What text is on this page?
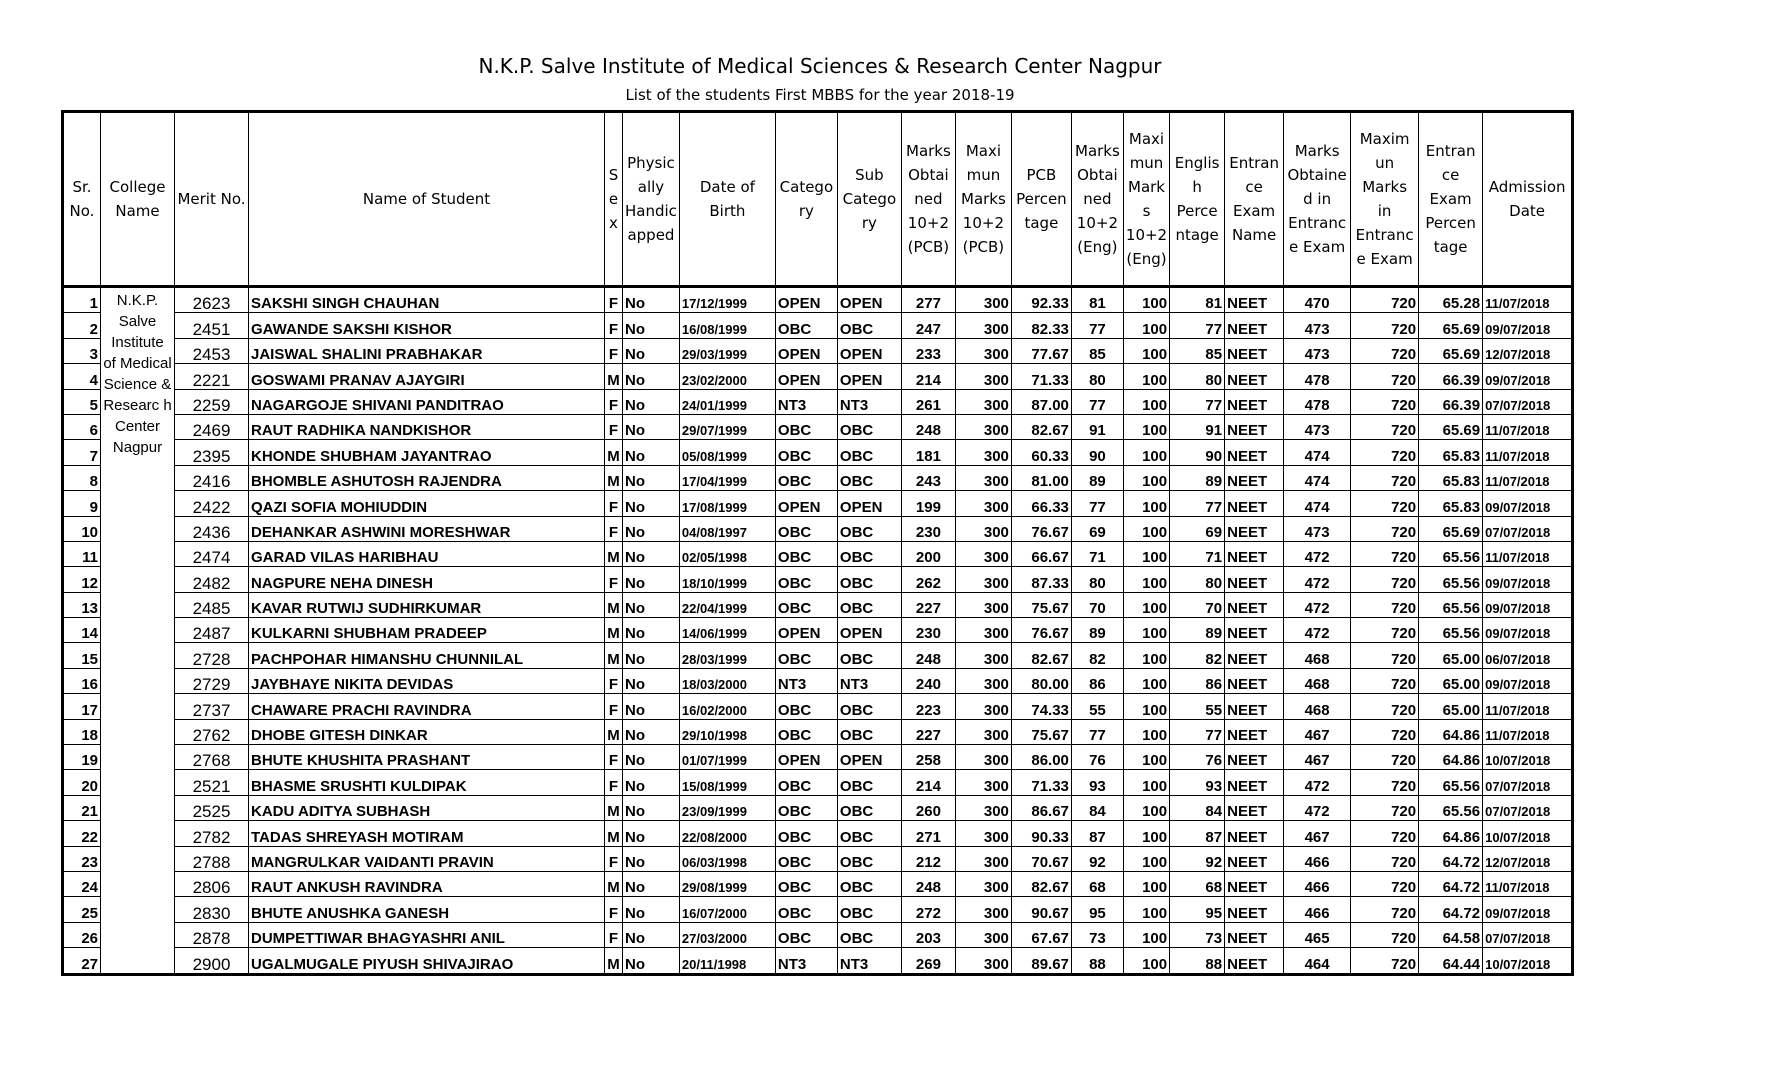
N.K.P. Salve Institute of Medical Sciences & Research Center Nagpur
List of the students First MBBS for the year 2018-19
Sr. No.	College Name	Merit No.	Name of Student	S e x	Physic ally Handic apped	Date of Birth	Catego ry	Sub Catego ry	Marks Obtai ned 10+2 (PCB)	Maxi mun Marks 10+2 (PCB)	PCB Percen tage	Marks Obtai ned 10+2 (Eng)	Maxi mun Mark s 10+2 (Eng)	Englis h Perce ntage	Entran ce Exam Name	Marks Obtaine d in Entranc e Exam	Maxim un Marks in Entranc e Exam	Entran ce Exam Percen tage	Admission Date
1	N.K.P. Salve Institute of Medical Science & Researc h Center Nagpur	2623	SAKSHI SINGH CHAUHAN	F	No	17/12/1999	OPEN	OPEN	277	300	92.33	81	100	81	NEET	470	720	65.28	11/07/2018
2		2451	GAWANDE SAKSHI KISHOR	F	No	16/08/1999	OBC	OBC	247	300	82.33	77	100	77	NEET	473	720	65.69	09/07/2018
3		2453	JAISWAL SHALINI PRABHAKAR	F	No	29/03/1999	OPEN	OPEN	233	300	77.67	85	100	85	NEET	473	720	65.69	12/07/2018
4		2221	GOSWAMI PRANAV AJAYGIRI	M	No	23/02/2000	OPEN	OPEN	214	300	71.33	80	100	80	NEET	478	720	66.39	09/07/2018
5		2259	NAGARGOJE SHIVANI PANDITRAO	F	No	24/01/1999	NT3	NT3	261	300	87.00	77	100	77	NEET	478	720	66.39	07/07/2018
6		2469	RAUT RADHIKA NANDKISHOR	F	No	29/07/1999	OBC	OBC	248	300	82.67	91	100	91	NEET	473	720	65.69	11/07/2018
7		2395	KHONDE SHUBHAM JAYANTRAO	M	No	05/08/1999	OBC	OBC	181	300	60.33	90	100	90	NEET	474	720	65.83	11/07/2018
8		2416	BHOMBLE ASHUTOSH RAJENDRA	M	No	17/04/1999	OBC	OBC	243	300	81.00	89	100	89	NEET	474	720	65.83	11/07/2018
9		2422	QAZI SOFIA MOHIUDDIN	F	No	17/08/1999	OPEN	OPEN	199	300	66.33	77	100	77	NEET	474	720	65.83	09/07/2018
10		2436	DEHANKAR ASHWINI MORESHWAR	F	No	04/08/1997	OBC	OBC	230	300	76.67	69	100	69	NEET	473	720	65.69	07/07/2018
11		2474	GARAD VILAS HARIBHAU	M	No	02/05/1998	OBC	OBC	200	300	66.67	71	100	71	NEET	472	720	65.56	11/07/2018
12		2482	NAGPURE NEHA DINESH	F	No	18/10/1999	OBC	OBC	262	300	87.33	80	100	80	NEET	472	720	65.56	09/07/2018
13		2485	KAVAR RUTWIJ SUDHIRKUMAR	M	No	22/04/1999	OBC	OBC	227	300	75.67	70	100	70	NEET	472	720	65.56	09/07/2018
14		2487	KULKARNI SHUBHAM PRADEEP	M	No	14/06/1999	OPEN	OPEN	230	300	76.67	89	100	89	NEET	472	720	65.56	09/07/2018
15		2728	PACHPOHAR HIMANSHU CHUNNILAL	M	No	28/03/1999	OBC	OBC	248	300	82.67	82	100	82	NEET	468	720	65.00	06/07/2018
16		2729	JAYBHAYE NIKITA DEVIDAS	F	No	18/03/2000	NT3	NT3	240	300	80.00	86	100	86	NEET	468	720	65.00	09/07/2018
17		2737	CHAWARE PRACHI RAVINDRA	F	No	16/02/2000	OBC	OBC	223	300	74.33	55	100	55	NEET	468	720	65.00	11/07/2018
18		2762	DHOBE GITESH DINKAR	M	No	29/10/1998	OBC	OBC	227	300	75.67	77	100	77	NEET	467	720	64.86	11/07/2018
19		2768	BHUTE KHUSHITA PRASHANT	F	No	01/07/1999	OPEN	OPEN	258	300	86.00	76	100	76	NEET	467	720	64.86	10/07/2018
20		2521	BHASME SRUSHTI KULDIPAK	F	No	15/08/1999	OBC	OBC	214	300	71.33	93	100	93	NEET	472	720	65.56	07/07/2018
21		2525	KADU ADITYA SUBHASH	M	No	23/09/1999	OBC	OBC	260	300	86.67	84	100	84	NEET	472	720	65.56	07/07/2018
22		2782	TADAS SHREYASH MOTIRAM	M	No	22/08/2000	OBC	OBC	271	300	90.33	87	100	87	NEET	467	720	64.86	10/07/2018
23		2788	MANGRULKAR VAIDANTI PRAVIN	F	No	06/03/1998	OBC	OBC	212	300	70.67	92	100	92	NEET	466	720	64.72	12/07/2018
24		2806	RAUT ANKUSH RAVINDRA	M	No	29/08/1999	OBC	OBC	248	300	82.67	68	100	68	NEET	466	720	64.72	11/07/2018
25		2830	BHUTE ANUSHKA GANESH	F	No	16/07/2000	OBC	OBC	272	300	90.67	95	100	95	NEET	466	720	64.72	09/07/2018
26		2878	DUMPETTIWAR BHAGYASHRI ANIL	F	No	27/03/2000	OBC	OBC	203	300	67.67	73	100	73	NEET	465	720	64.58	07/07/2018
27		2900	UGALMUGALE PIYUSH SHIVAJIRAO	M	No	20/11/1998	NT3	NT3	269	300	89.67	88	100	88	NEET	464	720	64.44	10/07/2018
